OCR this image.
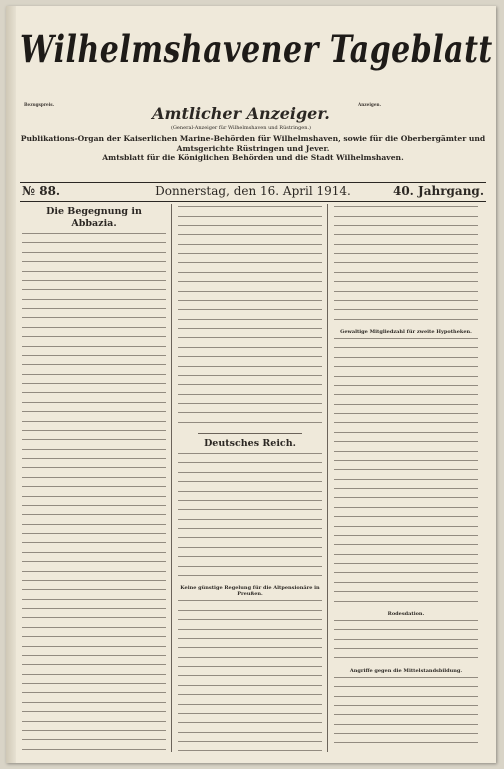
Wilhelmshavener Tageblatt
Bezugspreis.	Anzeigen.
Amtlicher Anzeiger.
(General-Anzeiger für Wilhelmshaven und Rüstringen.)
Publikations-Organ der Kaiserlichen Marine-Behörden für Wilhelmshaven, sowie für die Oberbergämter und Amtsgerichte Rüstringen und Jever.
Amtsblatt für die Königlichen Behörden und die Stadt Wilhelmshaven.
№ 88.	Donnerstag, den 16. April 1914.	40. Jahrgang.
Die Begegnung in Abbazia.
Deutsches Reich.
Keine günstige Regelung für die Altpensionäre in Preußen.
Gewaltige Mitgliedzahl für zweite Hypotheken.
Rodesdation.
Angriffe gegen die Mittelstandsbildung.
